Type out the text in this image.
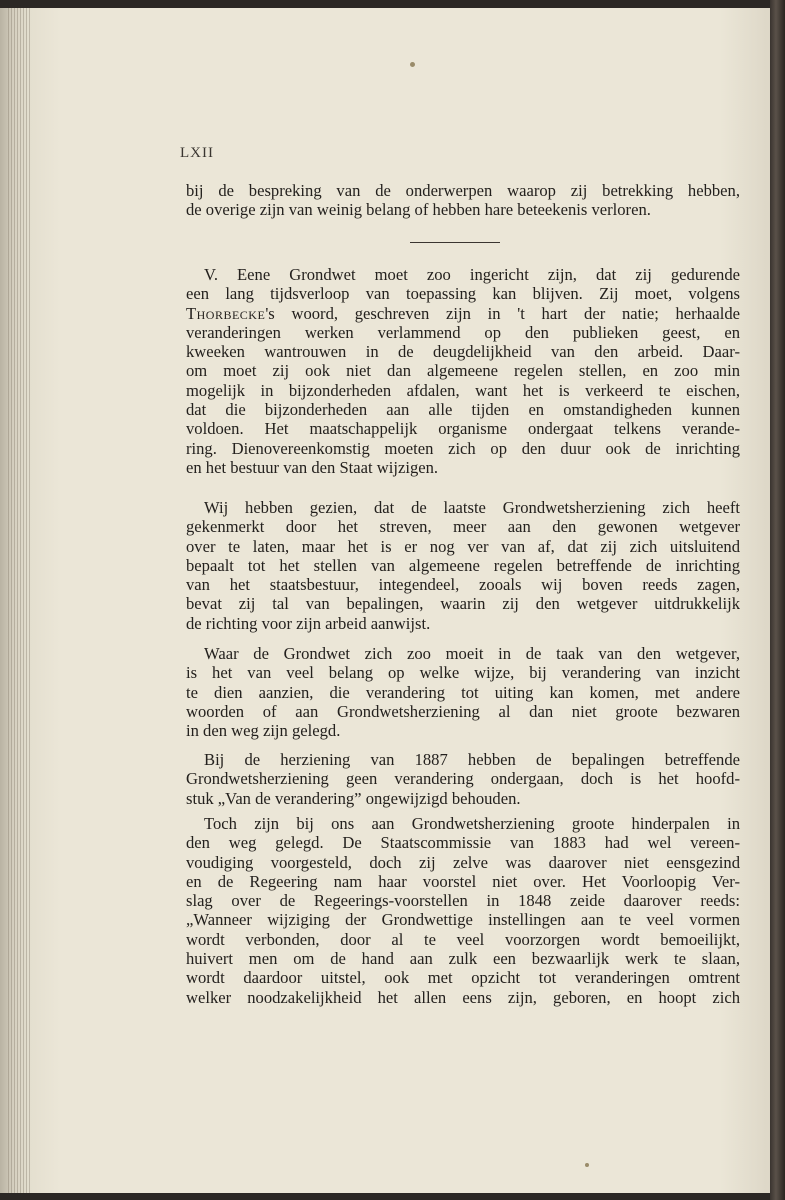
LXII
bij de bespreking van de onderwerpen waarop zij betrekking hebben,
de overige zijn van weinig belang of hebben hare beteekenis verloren.
V. Eene Grondwet moet zoo ingericht zijn, dat zij gedurende
een lang tijdsverloop van toepassing kan blijven. Zij moet, volgens
Thorbecke's woord, geschreven zijn in 't hart der natie; herhaalde
veranderingen werken verlammend op den publieken geest, en
kweeken wantrouwen in de deugdelijkheid van den arbeid. Daar-
om moet zij ook niet dan algemeene regelen stellen, en zoo min
mogelijk in bijzonderheden afdalen, want het is verkeerd te eischen,
dat die bijzonderheden aan alle tijden en omstandigheden kunnen
voldoen. Het maatschappelijk organisme ondergaat telkens verande-
ring. Dienovereenkomstig moeten zich op den duur ook de inrichting
en het bestuur van den Staat wijzigen.
Wij hebben gezien, dat de laatste Grondwetsherziening zich heeft
gekenmerkt door het streven, meer aan den gewonen wetgever
over te laten, maar het is er nog ver van af, dat zij zich uitsluitend
bepaalt tot het stellen van algemeene regelen betreffende de inrichting
van het staatsbestuur, integendeel, zooals wij boven reeds zagen,
bevat zij tal van bepalingen, waarin zij den wetgever uitdrukkelijk
de richting voor zijn arbeid aanwijst.
Waar de Grondwet zich zoo moeit in de taak van den wetgever,
is het van veel belang op welke wijze, bij verandering van inzicht
te dien aanzien, die verandering tot uiting kan komen, met andere
woorden of aan Grondwetsherziening al dan niet groote bezwaren
in den weg zijn gelegd.
Bij de herziening van 1887 hebben de bepalingen betreffende
Grondwetsherziening geen verandering ondergaan, doch is het hoofd-
stuk „Van de verandering” ongewijzigd behouden.
Toch zijn bij ons aan Grondwetsherziening groote hinderpalen in
den weg gelegd. De Staatscommissie van 1883 had wel vereen-
voudiging voorgesteld, doch zij zelve was daarover niet eensgezind
en de Regeering nam haar voorstel niet over. Het Voorloopig Ver-
slag over de Regeerings-voorstellen in 1848 zeide daarover reeds:
„Wanneer wijziging der Grondwettige instellingen aan te veel vormen
wordt verbonden, door al te veel voorzorgen wordt bemoeilijkt,
huivert men om de hand aan zulk een bezwaarlijk werk te slaan,
wordt daardoor uitstel, ook met opzicht tot veranderingen omtrent
welker noodzakelijkheid het allen eens zijn, geboren, en hoopt zich
